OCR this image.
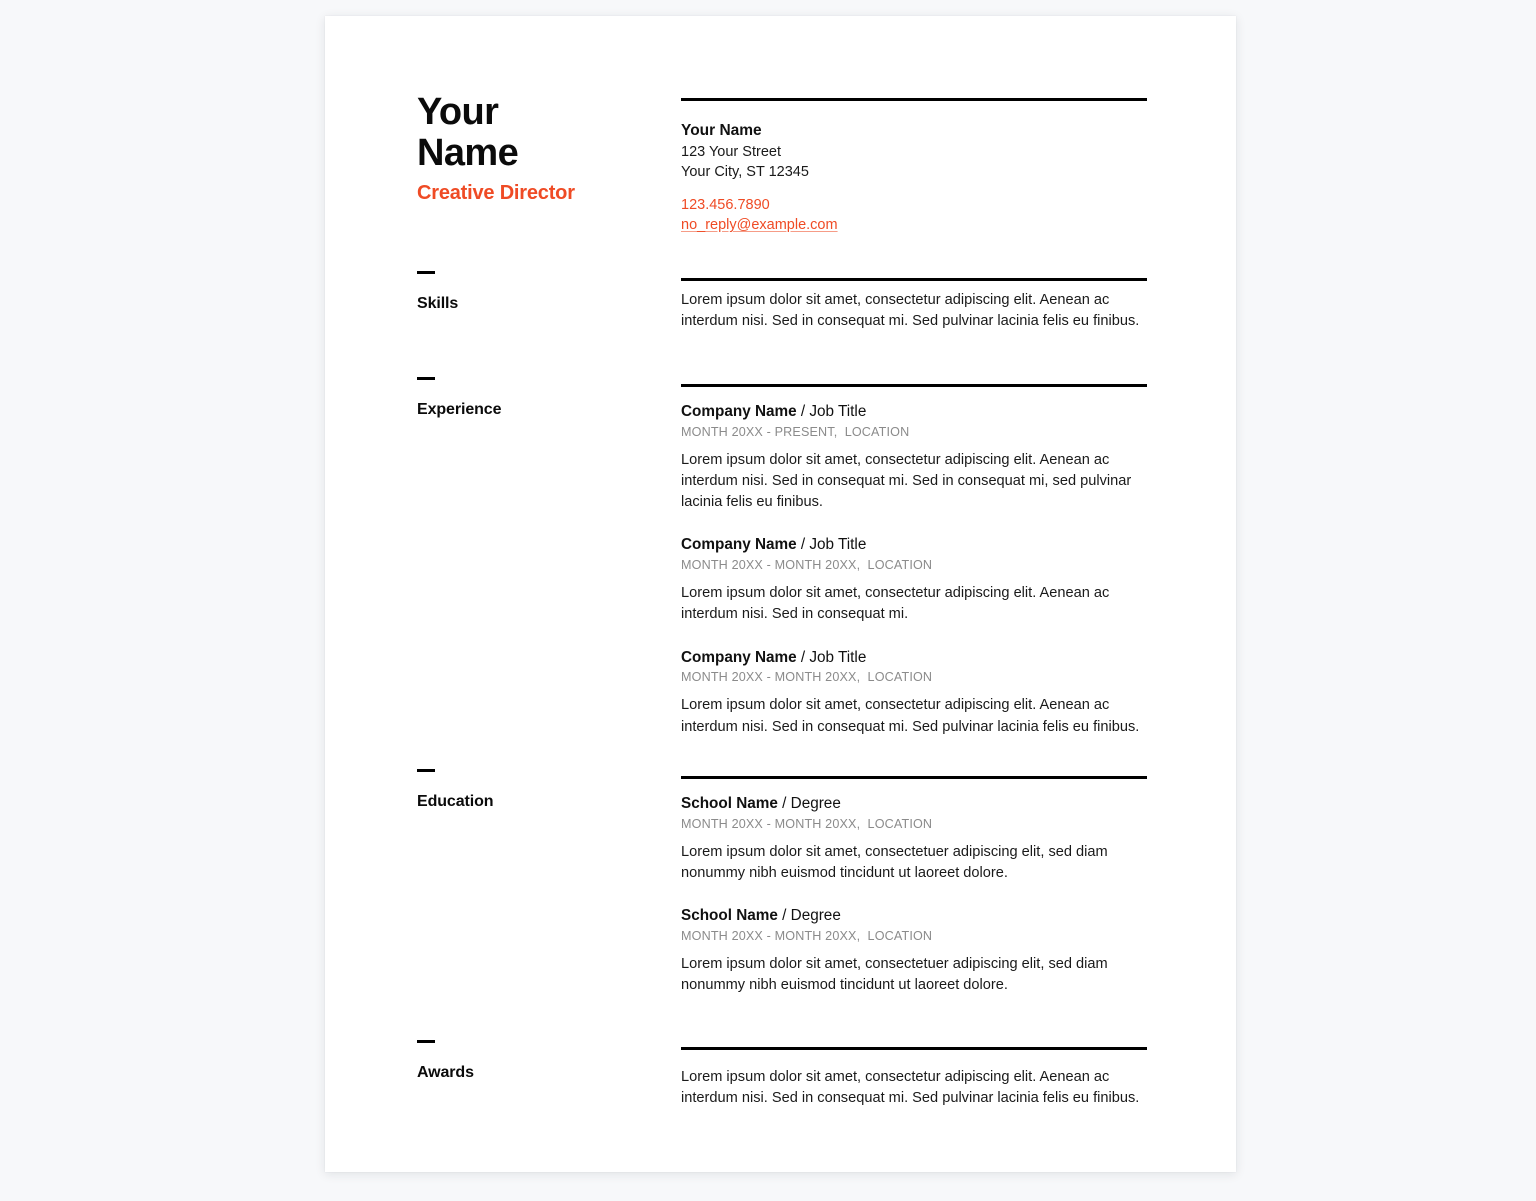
Your
Name
Creative Director
Your Name
123 Your Street
Your City, ST 12345
123.456.7890
no_reply@example.com
Skills	Lorem ipsum dolor sit amet, consectetur adipiscing elit. Aenean ac interdum nisi. Sed in consequat mi. Sed pulvinar lacinia felis eu finibus.
Experience	Company Name / Job Title
MONTH 20XX - PRESENT,  LOCATION
Lorem ipsum dolor sit amet, consectetur adipiscing elit. Aenean ac interdum nisi. Sed in consequat mi. Sed in consequat mi, sed pulvinar lacinia felis eu finibus.
Company Name / Job Title
MONTH 20XX - MONTH 20XX,  LOCATION
Lorem ipsum dolor sit amet, consectetur adipiscing elit. Aenean ac interdum nisi. Sed in consequat mi.
Company Name / Job Title
MONTH 20XX - MONTH 20XX,  LOCATION
Lorem ipsum dolor sit amet, consectetur adipiscing elit. Aenean ac interdum nisi. Sed in consequat mi. Sed pulvinar lacinia felis eu finibus.
Education	School Name / Degree
MONTH 20XX - MONTH 20XX,  LOCATION
Lorem ipsum dolor sit amet, consectetuer adipiscing elit, sed diam nonummy nibh euismod tincidunt ut laoreet dolore.
School Name / Degree
MONTH 20XX - MONTH 20XX,  LOCATION
Lorem ipsum dolor sit amet, consectetuer adipiscing elit, sed diam nonummy nibh euismod tincidunt ut laoreet dolore.
Awards	Lorem ipsum dolor sit amet, consectetur adipiscing elit. Aenean ac interdum nisi. Sed in consequat mi. Sed pulvinar lacinia felis eu finibus.
